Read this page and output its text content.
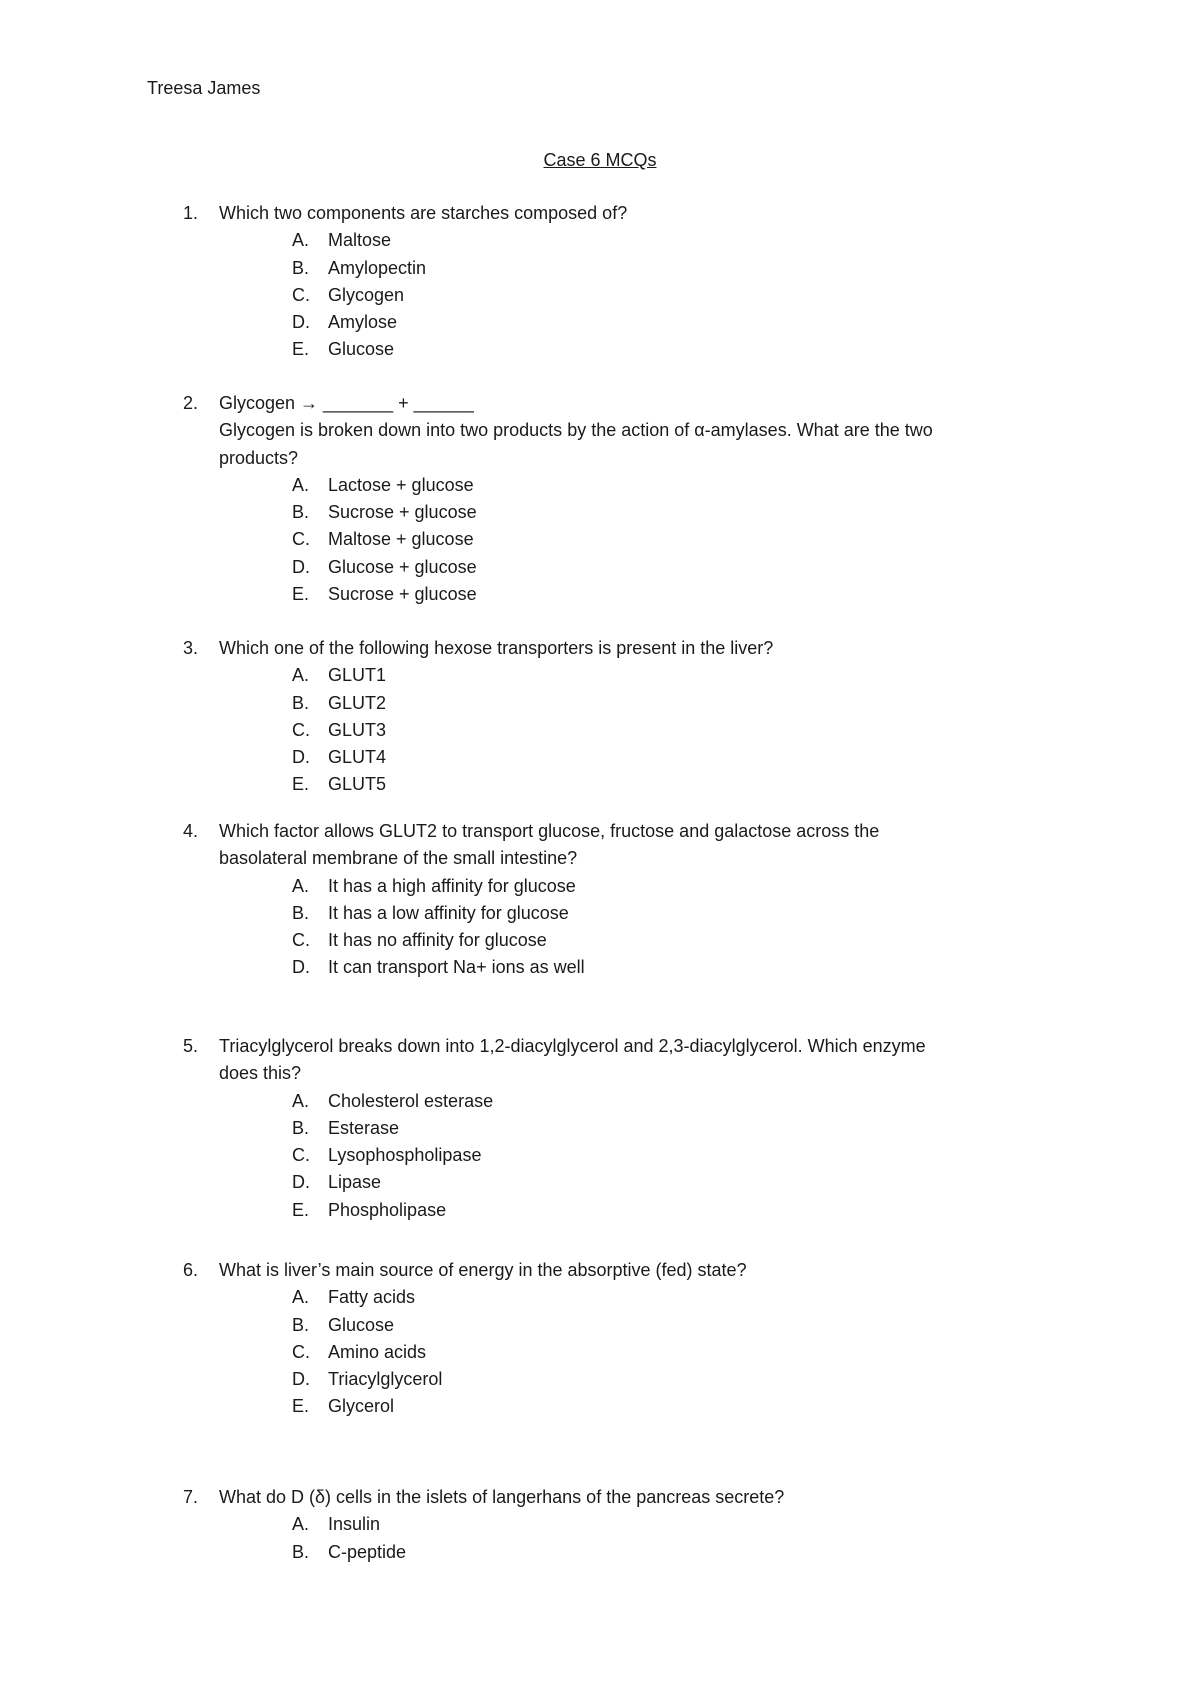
Treesa James
Case 6 MCQs
1. Which two components are starches composed of?
A. Maltose
B. Amylopectin
C. Glycogen
D. Amylose
E. Glucose
2. Glycogen → _______ + ______
Glycogen is broken down into two products by the action of α-amylases. What are the two
products?
A. Lactose + glucose
B. Sucrose + glucose
C. Maltose + glucose
D. Glucose + glucose
E. Sucrose + glucose
3. Which one of the following hexose transporters is present in the liver?
A. GLUT1
B. GLUT2
C. GLUT3
D. GLUT4
E. GLUT5
4. Which factor allows GLUT2 to transport glucose, fructose and galactose across the
basolateral membrane of the small intestine?
A. It has a high affinity for glucose
B. It has a low affinity for glucose
C. It has no affinity for glucose
D. It can transport Na+ ions as well
5. Triacylglycerol breaks down into 1,2-diacylglycerol and 2,3-diacylglycerol. Which enzyme
does this?
A. Cholesterol esterase
B. Esterase
C. Lysophospholipase
D. Lipase
E. Phospholipase
6. What is liver’s main source of energy in the absorptive (fed) state?
A. Fatty acids
B. Glucose
C. Amino acids
D. Triacylglycerol
E. Glycerol
7. What do D (δ) cells in the islets of langerhans of the pancreas secrete?
A. Insulin
B. C-peptide
